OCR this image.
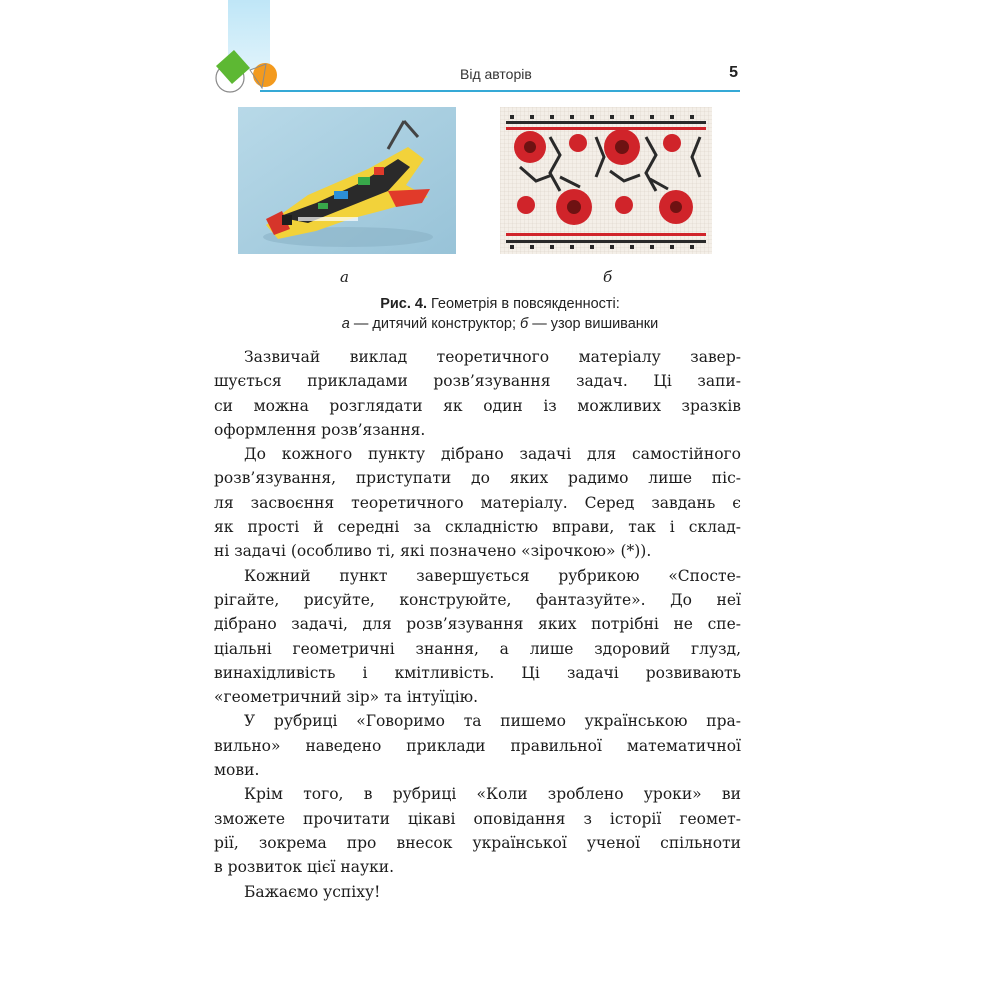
Від авторів	5
а	б
Рис. 4. Геометрія в повсякденності:
а — дитячий конструктор; б — узор вишиванки
Зазвичай виклад теоретичного матеріалу завер-
шується прикладами розв’язування задач. Ці запи-
си можна розглядати як один із можливих зразків
оформлення розв’язання.
До кожного пункту дібрано задачі для самостійного
розв’язування, приступати до яких радимо лише піс-
ля засвоєння теоретичного матеріалу. Серед завдань є
як прості й середні за складністю вправи, так і склад-
ні задачі (особливо ті, які позначено «зірочкою» (*)).
Кожний пункт завершується рубрикою «Спосте-
рігайте, рисуйте, конструюйте, фантазуйте». До неї
дібрано задачі, для розв’язування яких потрібні не спе-
ціальні геометричні знання, а лише здоровий глузд,
винахідливість і кмітливість. Ці задачі розвивають
«геометричний зір» та інтуїцію.
У рубриці «Говоримо та пишемо українською пра-
вильно» наведено приклади правильної математичної
мови.
Крім того, в рубриці «Коли зроблено уроки» ви
зможете прочитати цікаві оповідання з історії геомет-
рії, зокрема про внесок української ученої спільноти
в розвиток цієї науки.
Бажаємо успіху!
